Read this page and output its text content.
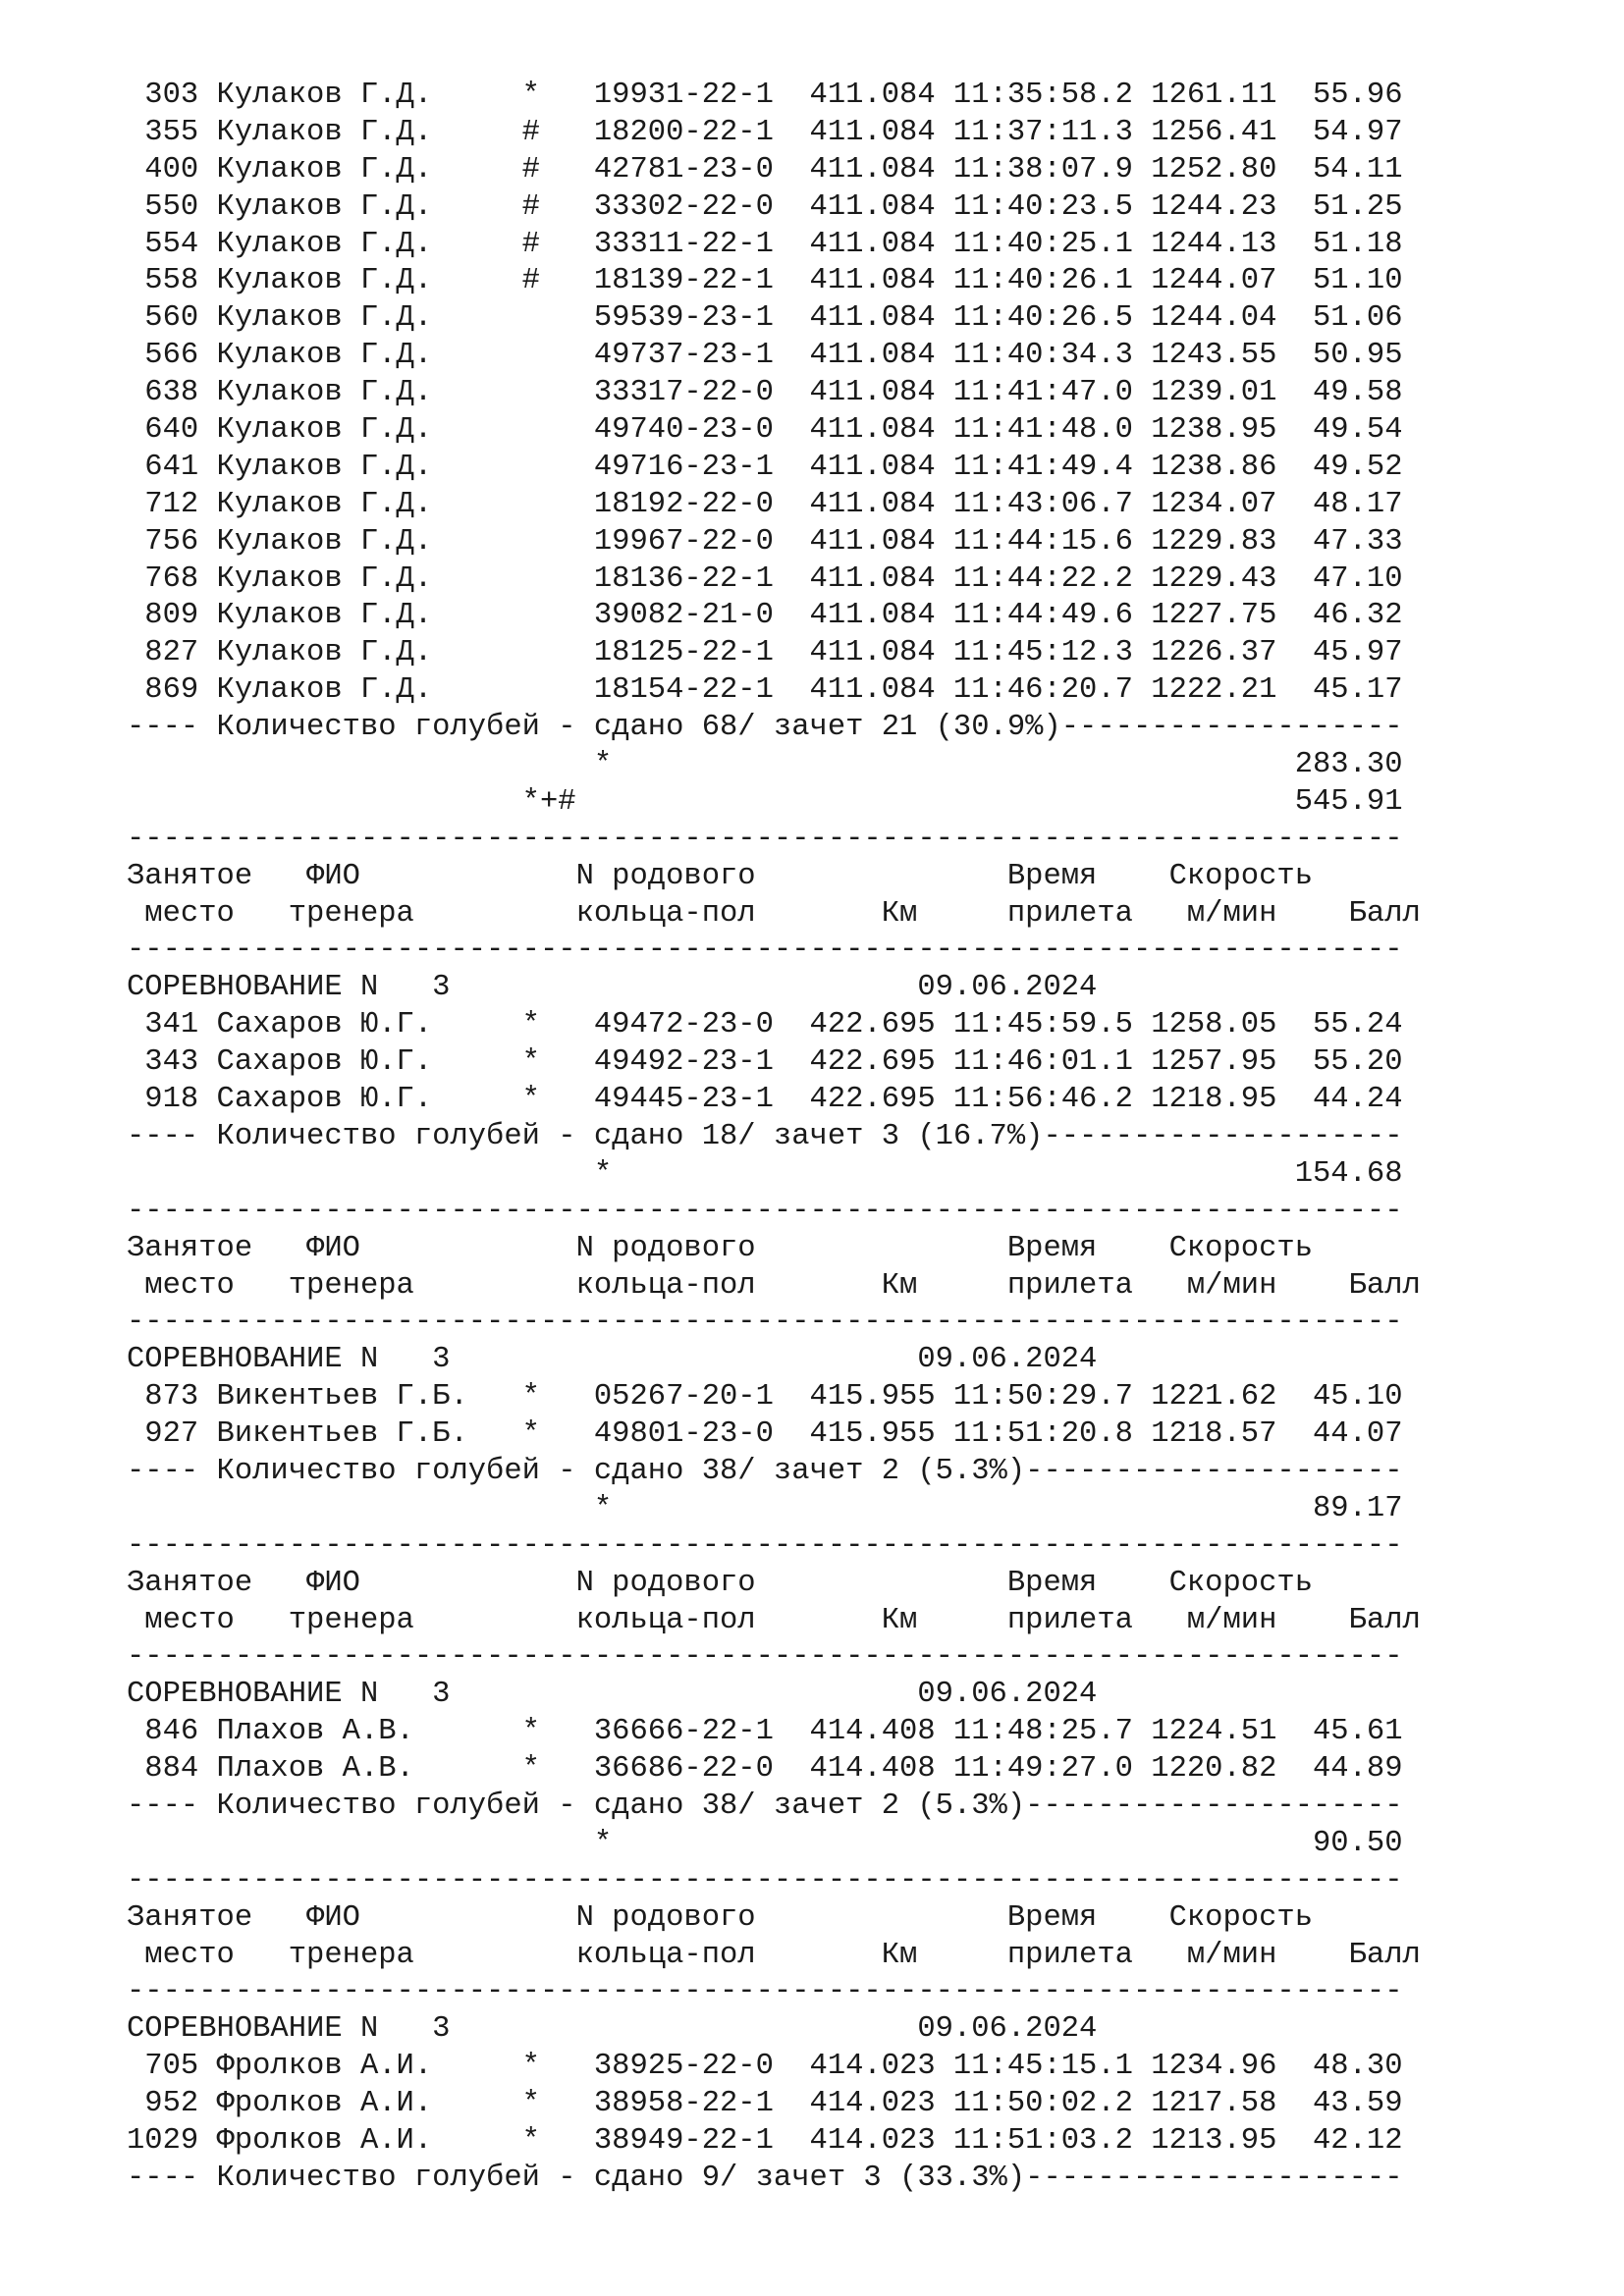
303 Кулаков Г.Д.     *   19931-22-1  411.084 11:35:58.2 1261.11  55.96
355 Кулаков Г.Д.     #   18200-22-1  411.084 11:37:11.3 1256.41  54.97
400 Кулаков Г.Д.     #   42781-23-0  411.084 11:38:07.9 1252.80  54.11
550 Кулаков Г.Д.     #   33302-22-0  411.084 11:40:23.5 1244.23  51.25
554 Кулаков Г.Д.     #   33311-22-1  411.084 11:40:25.1 1244.13  51.18
558 Кулаков Г.Д.     #   18139-22-1  411.084 11:40:26.1 1244.07  51.10
560 Кулаков Г.Д.         59539-23-1  411.084 11:40:26.5 1244.04  51.06
566 Кулаков Г.Д.         49737-23-1  411.084 11:40:34.3 1243.55  50.95
638 Кулаков Г.Д.         33317-22-0  411.084 11:41:47.0 1239.01  49.58
640 Кулаков Г.Д.         49740-23-0  411.084 11:41:48.0 1238.95  49.54
641 Кулаков Г.Д.         49716-23-1  411.084 11:41:49.4 1238.86  49.52
712 Кулаков Г.Д.         18192-22-0  411.084 11:43:06.7 1234.07  48.17
756 Кулаков Г.Д.         19967-22-0  411.084 11:44:15.6 1229.83  47.33
768 Кулаков Г.Д.         18136-22-1  411.084 11:44:22.2 1229.43  47.10
809 Кулаков Г.Д.         39082-21-0  411.084 11:44:49.6 1227.75  46.32
827 Кулаков Г.Д.         18125-22-1  411.084 11:45:12.3 1226.37  45.97
869 Кулаков Г.Д.         18154-22-1  411.084 11:46:20.7 1222.21  45.17
---- Количество голубей - сдано 68/ зачет 21 (30.9%)-------------------
*                                      283.30
*+#                                        545.91
-----------------------------------------------------------------------
Занятое   ФИО            N родового              Время    Скорость
место   тренера         кольца-пол       Км     прилета   м/мин    Балл
-----------------------------------------------------------------------
СОРЕВНОВАНИЕ N   3                          09.06.2024
341 Сахаров Ю.Г.     *   49472-23-0  422.695 11:45:59.5 1258.05  55.24
343 Сахаров Ю.Г.     *   49492-23-1  422.695 11:46:01.1 1257.95  55.20
918 Сахаров Ю.Г.     *   49445-23-1  422.695 11:56:46.2 1218.95  44.24
---- Количество голубей - сдано 18/ зачет 3 (16.7%)--------------------
*                                      154.68
-----------------------------------------------------------------------
Занятое   ФИО            N родового              Время    Скорость
место   тренера         кольца-пол       Км     прилета   м/мин    Балл
-----------------------------------------------------------------------
СОРЕВНОВАНИЕ N   3                          09.06.2024
873 Викентьев Г.Б.   *   05267-20-1  415.955 11:50:29.7 1221.62  45.10
927 Викентьев Г.Б.   *   49801-23-0  415.955 11:51:20.8 1218.57  44.07
---- Количество голубей - сдано 38/ зачет 2 (5.3%)---------------------
*                                       89.17
-----------------------------------------------------------------------
Занятое   ФИО            N родового              Время    Скорость
место   тренера         кольца-пол       Км     прилета   м/мин    Балл
-----------------------------------------------------------------------
СОРЕВНОВАНИЕ N   3                          09.06.2024
846 Плахов А.В.      *   36666-22-1  414.408 11:48:25.7 1224.51  45.61
884 Плахов А.В.      *   36686-22-0  414.408 11:49:27.0 1220.82  44.89
---- Количество голубей - сдано 38/ зачет 2 (5.3%)---------------------
*                                       90.50
-----------------------------------------------------------------------
Занятое   ФИО            N родового              Время    Скорость
место   тренера         кольца-пол       Км     прилета   м/мин    Балл
-----------------------------------------------------------------------
СОРЕВНОВАНИЕ N   3                          09.06.2024
705 Фролков А.И.     *   38925-22-0  414.023 11:45:15.1 1234.96  48.30
952 Фролков А.И.     *   38958-22-1  414.023 11:50:02.2 1217.58  43.59
1029 Фролков А.И.     *   38949-22-1  414.023 11:51:03.2 1213.95  42.12
---- Количество голубей - сдано 9/ зачет 3 (33.3%)---------------------
